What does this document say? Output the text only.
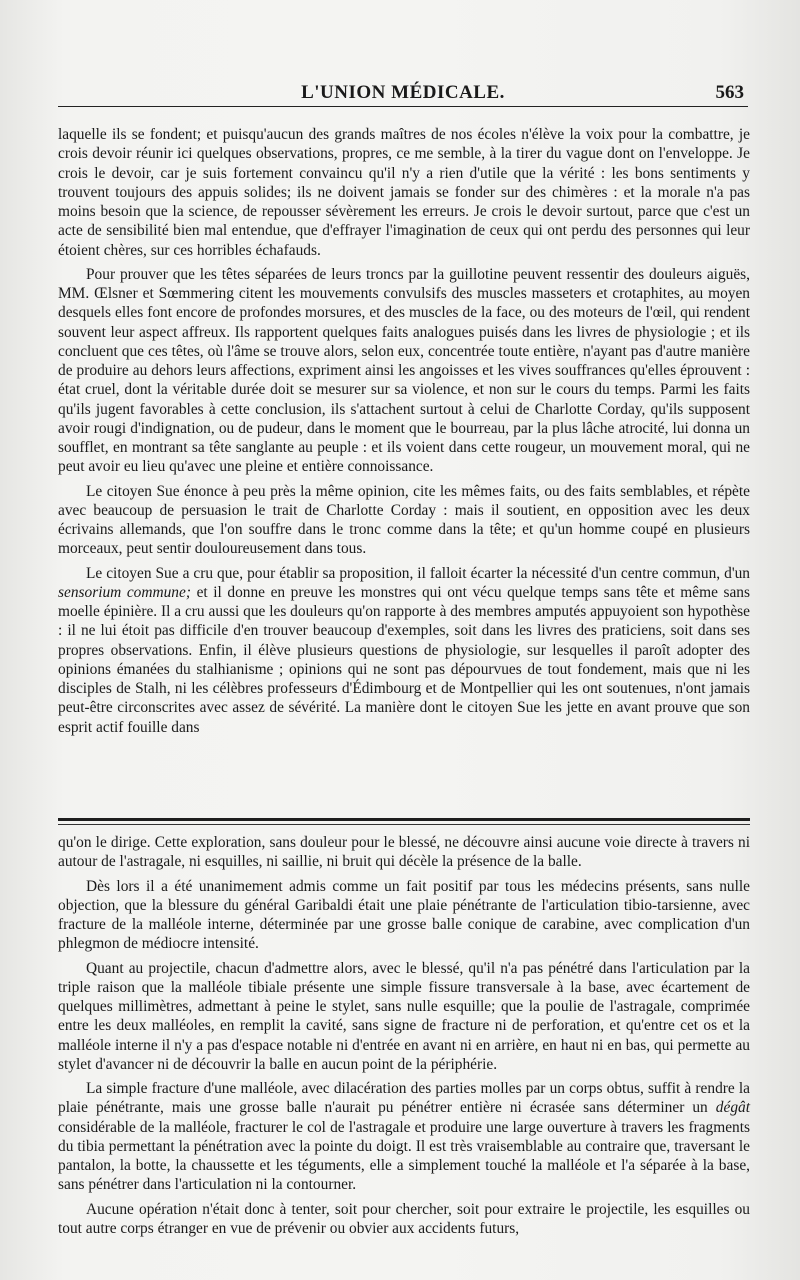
L'UNION MÉDICALE.	563

laquelle ils se fondent; et puisqu'aucun des grands maîtres de nos écoles n'élève la voix pour la combattre, je crois devoir réunir ici quelques observations, propres, ce me semble, à la tirer du vague dont on l'enveloppe. Je crois le devoir, car je suis fortement convaincu qu'il n'y a rien d'utile que la vérité : les bons sentiments y trouvent toujours des appuis solides; ils ne doivent jamais se fonder sur des chimères : et la morale n'a pas moins besoin que la science, de repousser sévèrement les erreurs. Je crois le devoir surtout, parce que c'est un acte de sensibilité bien mal entendue, que d'effrayer l'imagination de ceux qui ont perdu des personnes qui leur étoient chères, sur ces horribles échafauds.

Pour prouver que les têtes séparées de leurs troncs par la guillotine peuvent ressentir des douleurs aiguës, MM. Œlsner et Sœmmering citent les mouvements convulsifs des muscles masseters et crotaphites, au moyen desquels elles font encore de profondes morsures, et des muscles de la face, ou des moteurs de l'œil, qui rendent souvent leur aspect affreux. Ils rapportent quelques faits analogues puisés dans les livres de physiologie ; et ils concluent que ces têtes, où l'âme se trouve alors, selon eux, concentrée toute entière, n'ayant pas d'autre manière de produire au dehors leurs affections, expriment ainsi les angoisses et les vives souffrances qu'elles éprouvent : état cruel, dont la véritable durée doit se mesurer sur sa violence, et non sur le cours du temps. Parmi les faits qu'ils jugent favorables à cette conclusion, ils s'attachent surtout à celui de Charlotte Corday, qu'ils supposent avoir rougi d'indignation, ou de pudeur, dans le moment que le bourreau, par la plus lâche atrocité, lui donna un soufflet, en montrant sa tête sanglante au peuple : et ils voient dans cette rougeur, un mouvement moral, qui ne peut avoir eu lieu qu'avec une pleine et entière connoissance.

Le citoyen Sue énonce à peu près la même opinion, cite les mêmes faits, ou des faits semblables, et répète avec beaucoup de persuasion le trait de Charlotte Corday : mais il soutient, en opposition avec les deux écrivains allemands, que l'on souffre dans le tronc comme dans la tête; et qu'un homme coupé en plusieurs morceaux, peut sentir douloureusement dans tous.

Le citoyen Sue a cru que, pour établir sa proposition, il falloit écarter la nécessité d'un centre commun, d'un sensorium commune; et il donne en preuve les monstres qui ont vécu quelque temps sans tête et même sans moelle épinière. Il a cru aussi que les douleurs qu'on rapporte à des membres amputés appuyoient son hypothèse : il ne lui étoit pas difficile d'en trouver beaucoup d'exemples, soit dans les livres des praticiens, soit dans ses propres observations. Enfin, il élève plusieurs questions de physiologie, sur lesquelles il paroît adopter des opinions émanées du stalhianisme ; opinions qui ne sont pas dépourvues de tout fondement, mais que ni les disciples de Stalh, ni les célèbres professeurs d'Édimbourg et de Montpellier qui les ont soutenues, n'ont jamais peut-être circonscrites avec assez de sévérité. La manière dont le citoyen Sue les jette en avant prouve que son esprit actif fouille dans

qu'on le dirige. Cette exploration, sans douleur pour le blessé, ne découvre ainsi aucune voie directe à travers ni autour de l'astragale, ni esquilles, ni saillie, ni bruit qui décèle la présence de la balle.

Dès lors il a été unanimement admis comme un fait positif par tous les médecins présents, sans nulle objection, que la blessure du général Garibaldi était une plaie pénétrante de l'articulation tibio-tarsienne, avec fracture de la malléole interne, déterminée par une grosse balle conique de carabine, avec complication d'un phlegmon de médiocre intensité.

Quant au projectile, chacun d'admettre alors, avec le blessé, qu'il n'a pas pénétré dans l'articulation par la triple raison que la malléole tibiale présente une simple fissure transversale à la base, avec écartement de quelques millimètres, admettant à peine le stylet, sans nulle esquille; que la poulie de l'astragale, comprimée entre les deux malléoles, en remplit la cavité, sans signe de fracture ni de perforation, et qu'entre cet os et la malléole interne il n'y a pas d'espace notable ni d'entrée en avant ni en arrière, en haut ni en bas, qui permette au stylet d'avancer ni de découvrir la balle en aucun point de la périphérie.

La simple fracture d'une malléole, avec dilacération des parties molles par un corps obtus, suffit à rendre la plaie pénétrante, mais une grosse balle n'aurait pu pénétrer entière ni écrasée sans déterminer un dégât considérable de la malléole, fracturer le col de l'astragale et produire une large ouverture à travers les fragments du tibia permettant la pénétration avec la pointe du doigt. Il est très vraisemblable au contraire que, traversant le pantalon, la botte, la chaussette et les téguments, elle a simplement touché la malléole et l'a séparée à la base, sans pénétrer dans l'articulation ni la contourner.

Aucune opération n'était donc à tenter, soit pour chercher, soit pour extraire le projectile, les esquilles ou tout autre corps étranger en vue de prévenir ou obvier aux accidents futurs,
